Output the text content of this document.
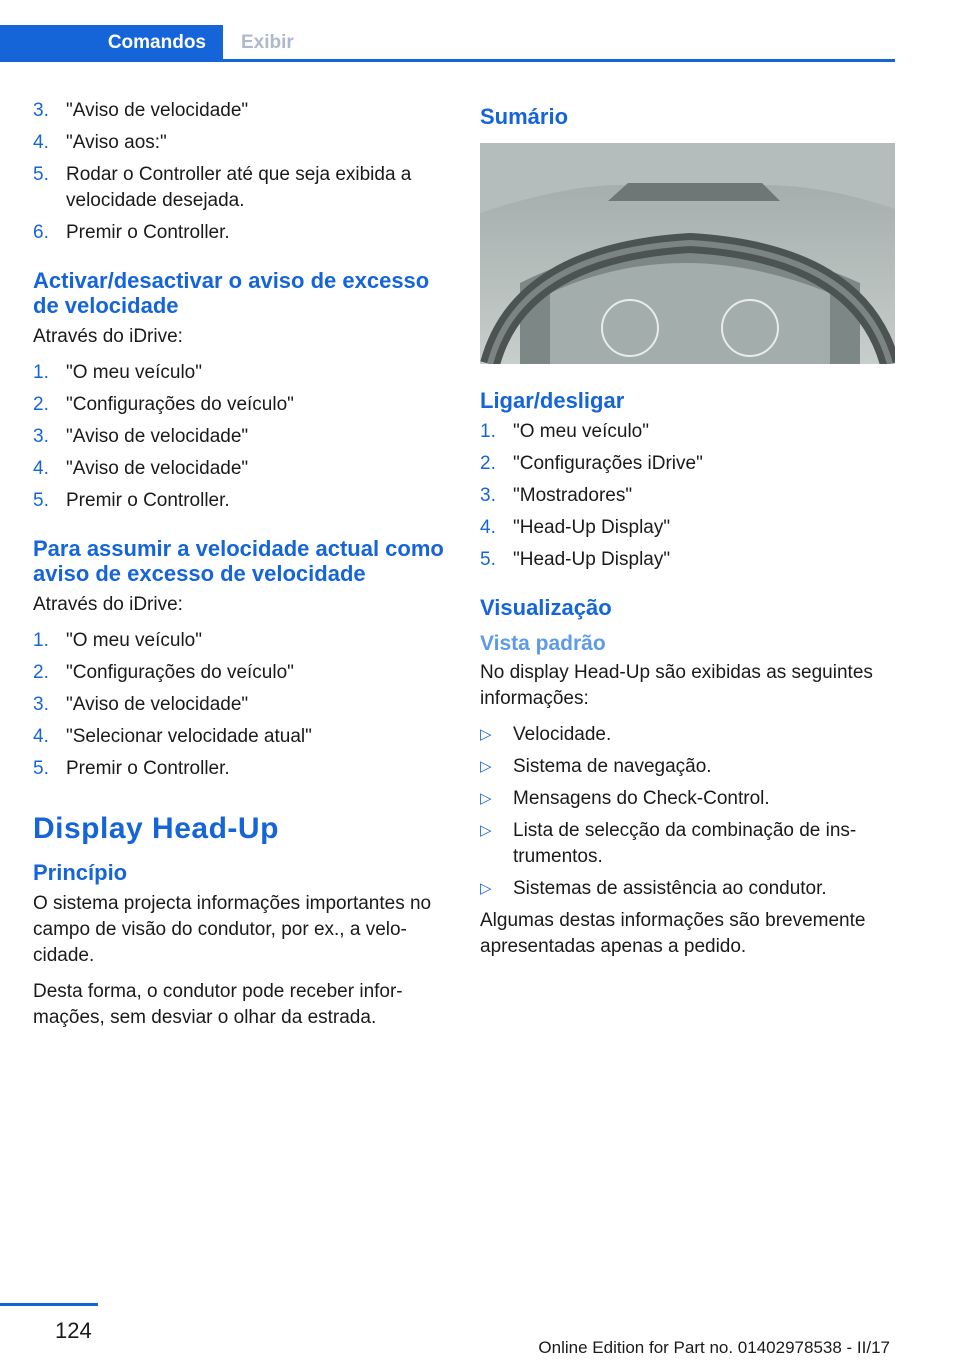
Comandos	Exibir
3. "Aviso de velocidade"
4. "Aviso aos:"
5. Rodar o Controller até que seja exibida a velocidade desejada.
6. Premir o Controller.
Activar/desactivar o aviso de excesso de velocidade

Através do iDrive:

1. "O meu veículo"
2. "Configurações do veículo"
3. "Aviso de velocidade"
4. "Aviso de velocidade"
5. Premir o Controller.
Para assumir a velocidade actual como aviso de excesso de velocidade

Através do iDrive:

1. "O meu veículo"
2. "Configurações do veículo"
3. "Aviso de velocidade"
4. "Selecionar velocidade atual"
5. Premir o Controller.
Display Head-Up
Princípio

O sistema projecta informações importantes no campo de visão do condutor, por ex., a velo- cidade.

Desta forma, o condutor pode receber infor- mações, sem desviar o olhar da estrada.

Sumário
Ligar/desligar
1. "O meu veículo"
2. "Configurações iDrive"
3. "Mostradores"
4. "Head-Up Display"
5. "Head-Up Display"
Visualização
Vista padrão

No display Head-Up são exibidas as seguintes informações:

▷	Velocidade.
▷	Sistema de navegação.
▷	Mensagens do Check-Control.
▷	Lista de selecção da combinação de ins- trumentos.
▷	Sistemas de assistência ao condutor.

Algumas destas informações são brevemente apresentadas apenas a pedido.

124
Online Edition for Part no. 01402978538 - II/17
